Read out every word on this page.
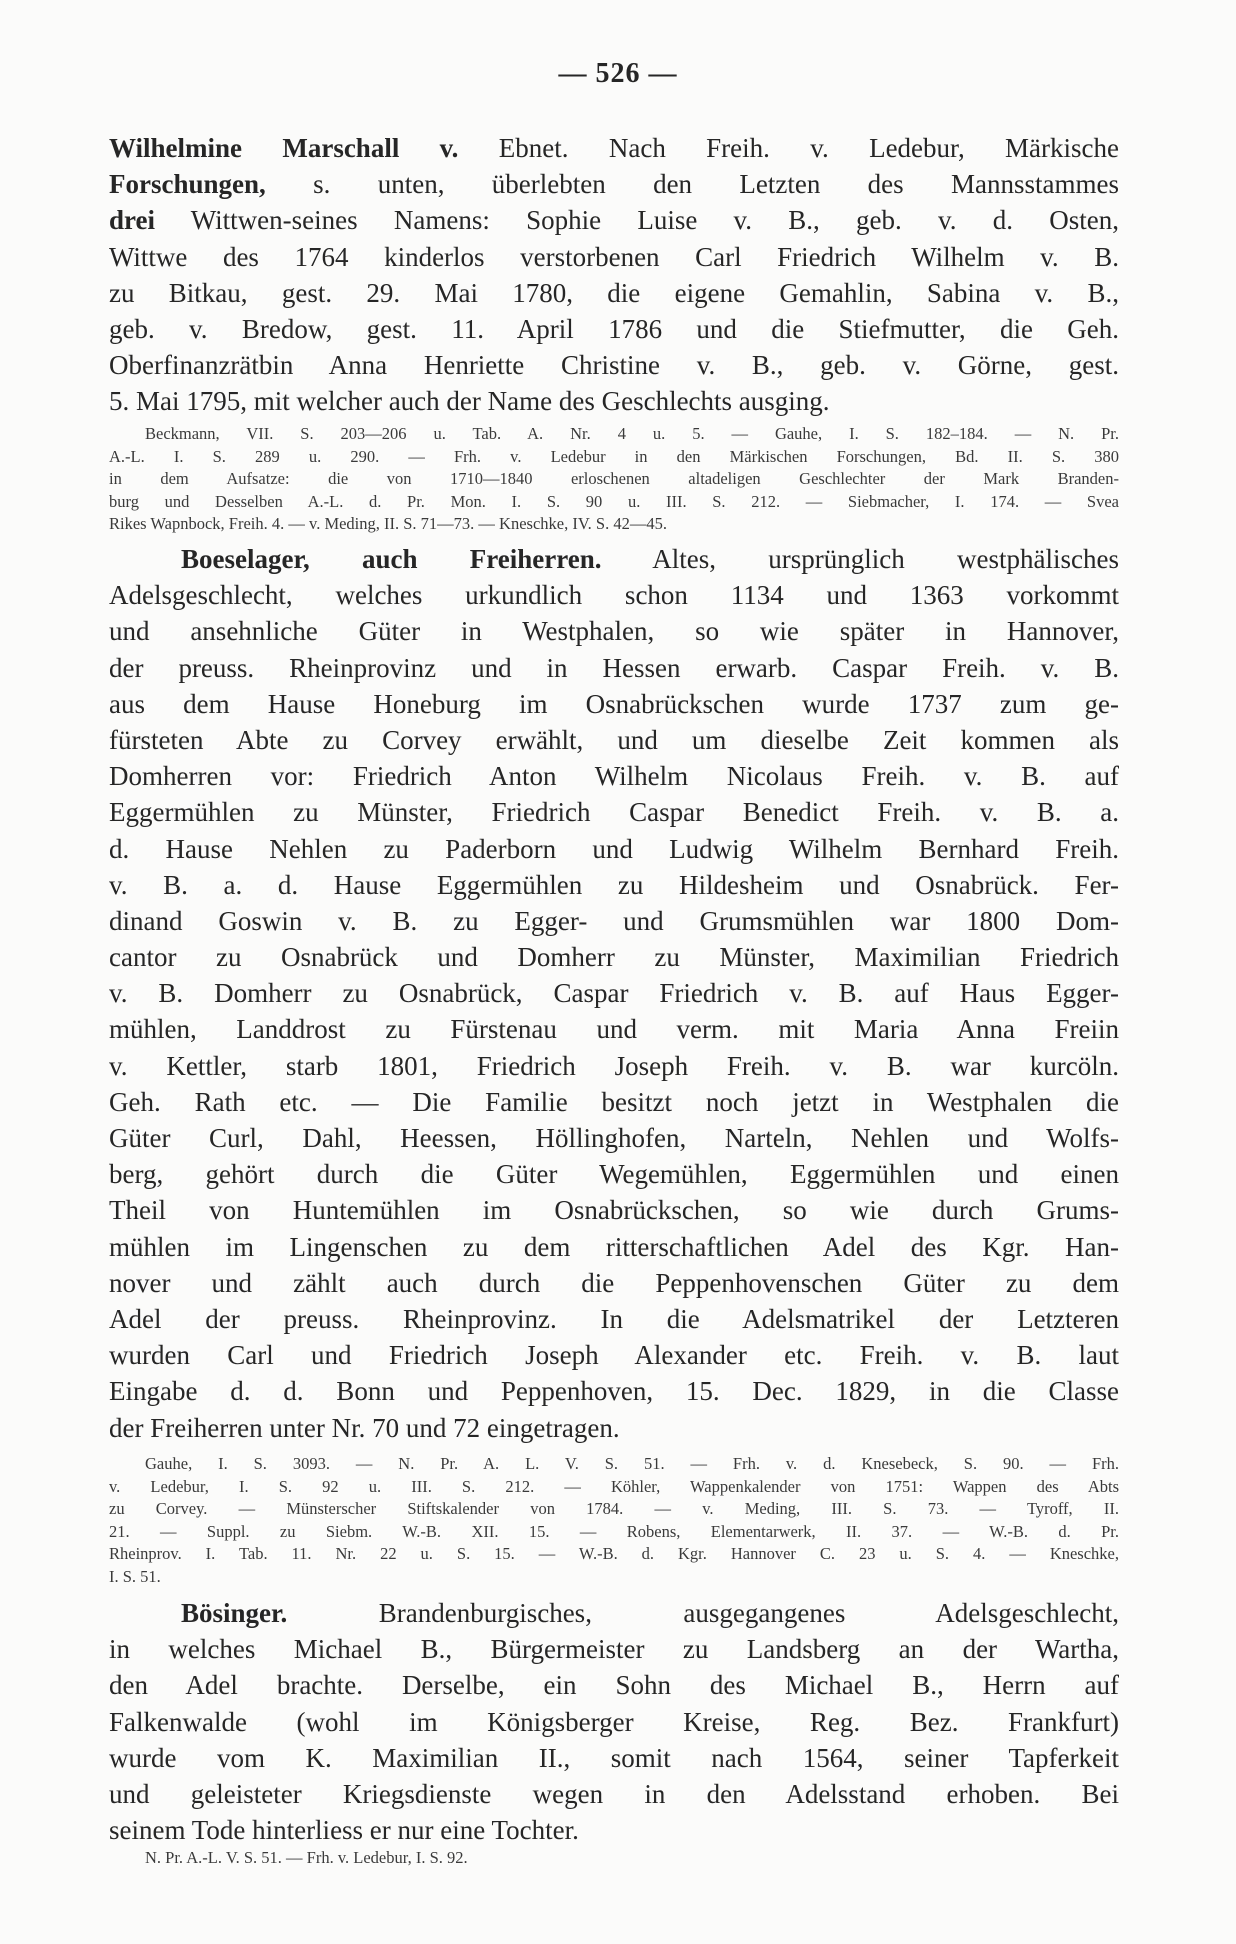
— 526 —
Wilhelmine Marschall v. Ebnet. Nach Freih. v. Ledebur, Märkische
Forschungen, s. unten, überlebten den Letzten des Mannsstammes
drei Wittwen-seines Namens: Sophie Luise v. B., geb. v. d. Osten,
Wittwe des 1764 kinderlos verstorbenen Carl Friedrich Wilhelm v. B.
zu Bitkau, gest. 29. Mai 1780, die eigene Gemahlin, Sabina v. B.,
geb. v. Bredow, gest. 11. April 1786 und die Stiefmutter, die Geh.
Oberfinanzrätbin Anna Henriette Christine v. B., geb. v. Görne, gest.
5. Mai 1795, mit welcher auch der Name des Geschlechts ausging.
Beckmann, VII. S. 203—206 u. Tab. A. Nr. 4 u. 5. — Gauhe, I. S. 182–184. — N. Pr.
A.-L. I. S. 289 u. 290. — Frh. v. Ledebur in den Märkischen Forschungen, Bd. II. S. 380
in dem Aufsatze: die von 1710—1840 erloschenen altadeligen Geschlechter der Mark Branden-
burg und Desselben A.-L. d. Pr. Mon. I. S. 90 u. III. S. 212. — Siebmacher, I. 174. — Svea
Rikes Wapnbock, Freih. 4. — v. Meding, II. S. 71—73. — Kneschke, IV. S. 42—45.
Boeselager, auch Freiherren. Altes, ursprünglich westphälisches
Adelsgeschlecht, welches urkundlich schon 1134 und 1363 vorkommt
und ansehnliche Güter in Westphalen, so wie später in Hannover,
der preuss. Rheinprovinz und in Hessen erwarb. Caspar Freih. v. B.
aus dem Hause Honeburg im Osnabrückschen wurde 1737 zum ge-
fürsteten Abte zu Corvey erwählt, und um dieselbe Zeit kommen als
Domherren vor: Friedrich Anton Wilhelm Nicolaus Freih. v. B. auf
Eggermühlen zu Münster, Friedrich Caspar Benedict Freih. v. B. a.
d. Hause Nehlen zu Paderborn und Ludwig Wilhelm Bernhard Freih.
v. B. a. d. Hause Eggermühlen zu Hildesheim und Osnabrück. Fer-
dinand Goswin v. B. zu Egger- und Grumsmühlen war 1800 Dom-
cantor zu Osnabrück und Domherr zu Münster, Maximilian Friedrich
v. B. Domherr zu Osnabrück, Caspar Friedrich v. B. auf Haus Egger-
mühlen, Landdrost zu Fürstenau und verm. mit Maria Anna Freiin
v. Kettler, starb 1801, Friedrich Joseph Freih. v. B. war kurcöln.
Geh. Rath etc. — Die Familie besitzt noch jetzt in Westphalen die
Güter Curl, Dahl, Heessen, Höllinghofen, Narteln, Nehlen und Wolfs-
berg, gehört durch die Güter Wegemühlen, Eggermühlen und einen
Theil von Huntemühlen im Osnabrückschen, so wie durch Grums-
mühlen im Lingenschen zu dem ritterschaftlichen Adel des Kgr. Han-
nover und zählt auch durch die Peppenhovenschen Güter zu dem
Adel der preuss. Rheinprovinz. In die Adelsmatrikel der Letzteren
wurden Carl und Friedrich Joseph Alexander etc. Freih. v. B. laut
Eingabe d. d. Bonn und Peppenhoven, 15. Dec. 1829, in die Classe
der Freiherren unter Nr. 70 und 72 eingetragen.
Gauhe, I. S. 3093. — N. Pr. A. L. V. S. 51. — Frh. v. d. Knesebeck, S. 90. — Frh.
v. Ledebur, I. S. 92 u. III. S. 212. — Köhler, Wappenkalender von 1751: Wappen des Abts
zu Corvey. — Münsterscher Stiftskalender von 1784. — v. Meding, III. S. 73. — Tyroff, II.
21. — Suppl. zu Siebm. W.-B. XII. 15. — Robens, Elementarwerk, II. 37. — W.-B. d. Pr.
Rheinprov. I. Tab. 11. Nr. 22 u. S. 15. — W.-B. d. Kgr. Hannover C. 23 u. S. 4. — Kneschke,
I. S. 51.
Bösinger. Brandenburgisches, ausgegangenes Adelsgeschlecht,
in welches Michael B., Bürgermeister zu Landsberg an der Wartha,
den Adel brachte. Derselbe, ein Sohn des Michael B., Herrn auf
Falkenwalde (wohl im Königsberger Kreise, Reg. Bez. Frankfurt)
wurde vom K. Maximilian II., somit nach 1564, seiner Tapferkeit
und geleisteter Kriegsdienste wegen in den Adelsstand erhoben. Bei
seinem Tode hinterliess er nur eine Tochter.
N. Pr. A.-L. V. S. 51. — Frh. v. Ledebur, I. S. 92.
